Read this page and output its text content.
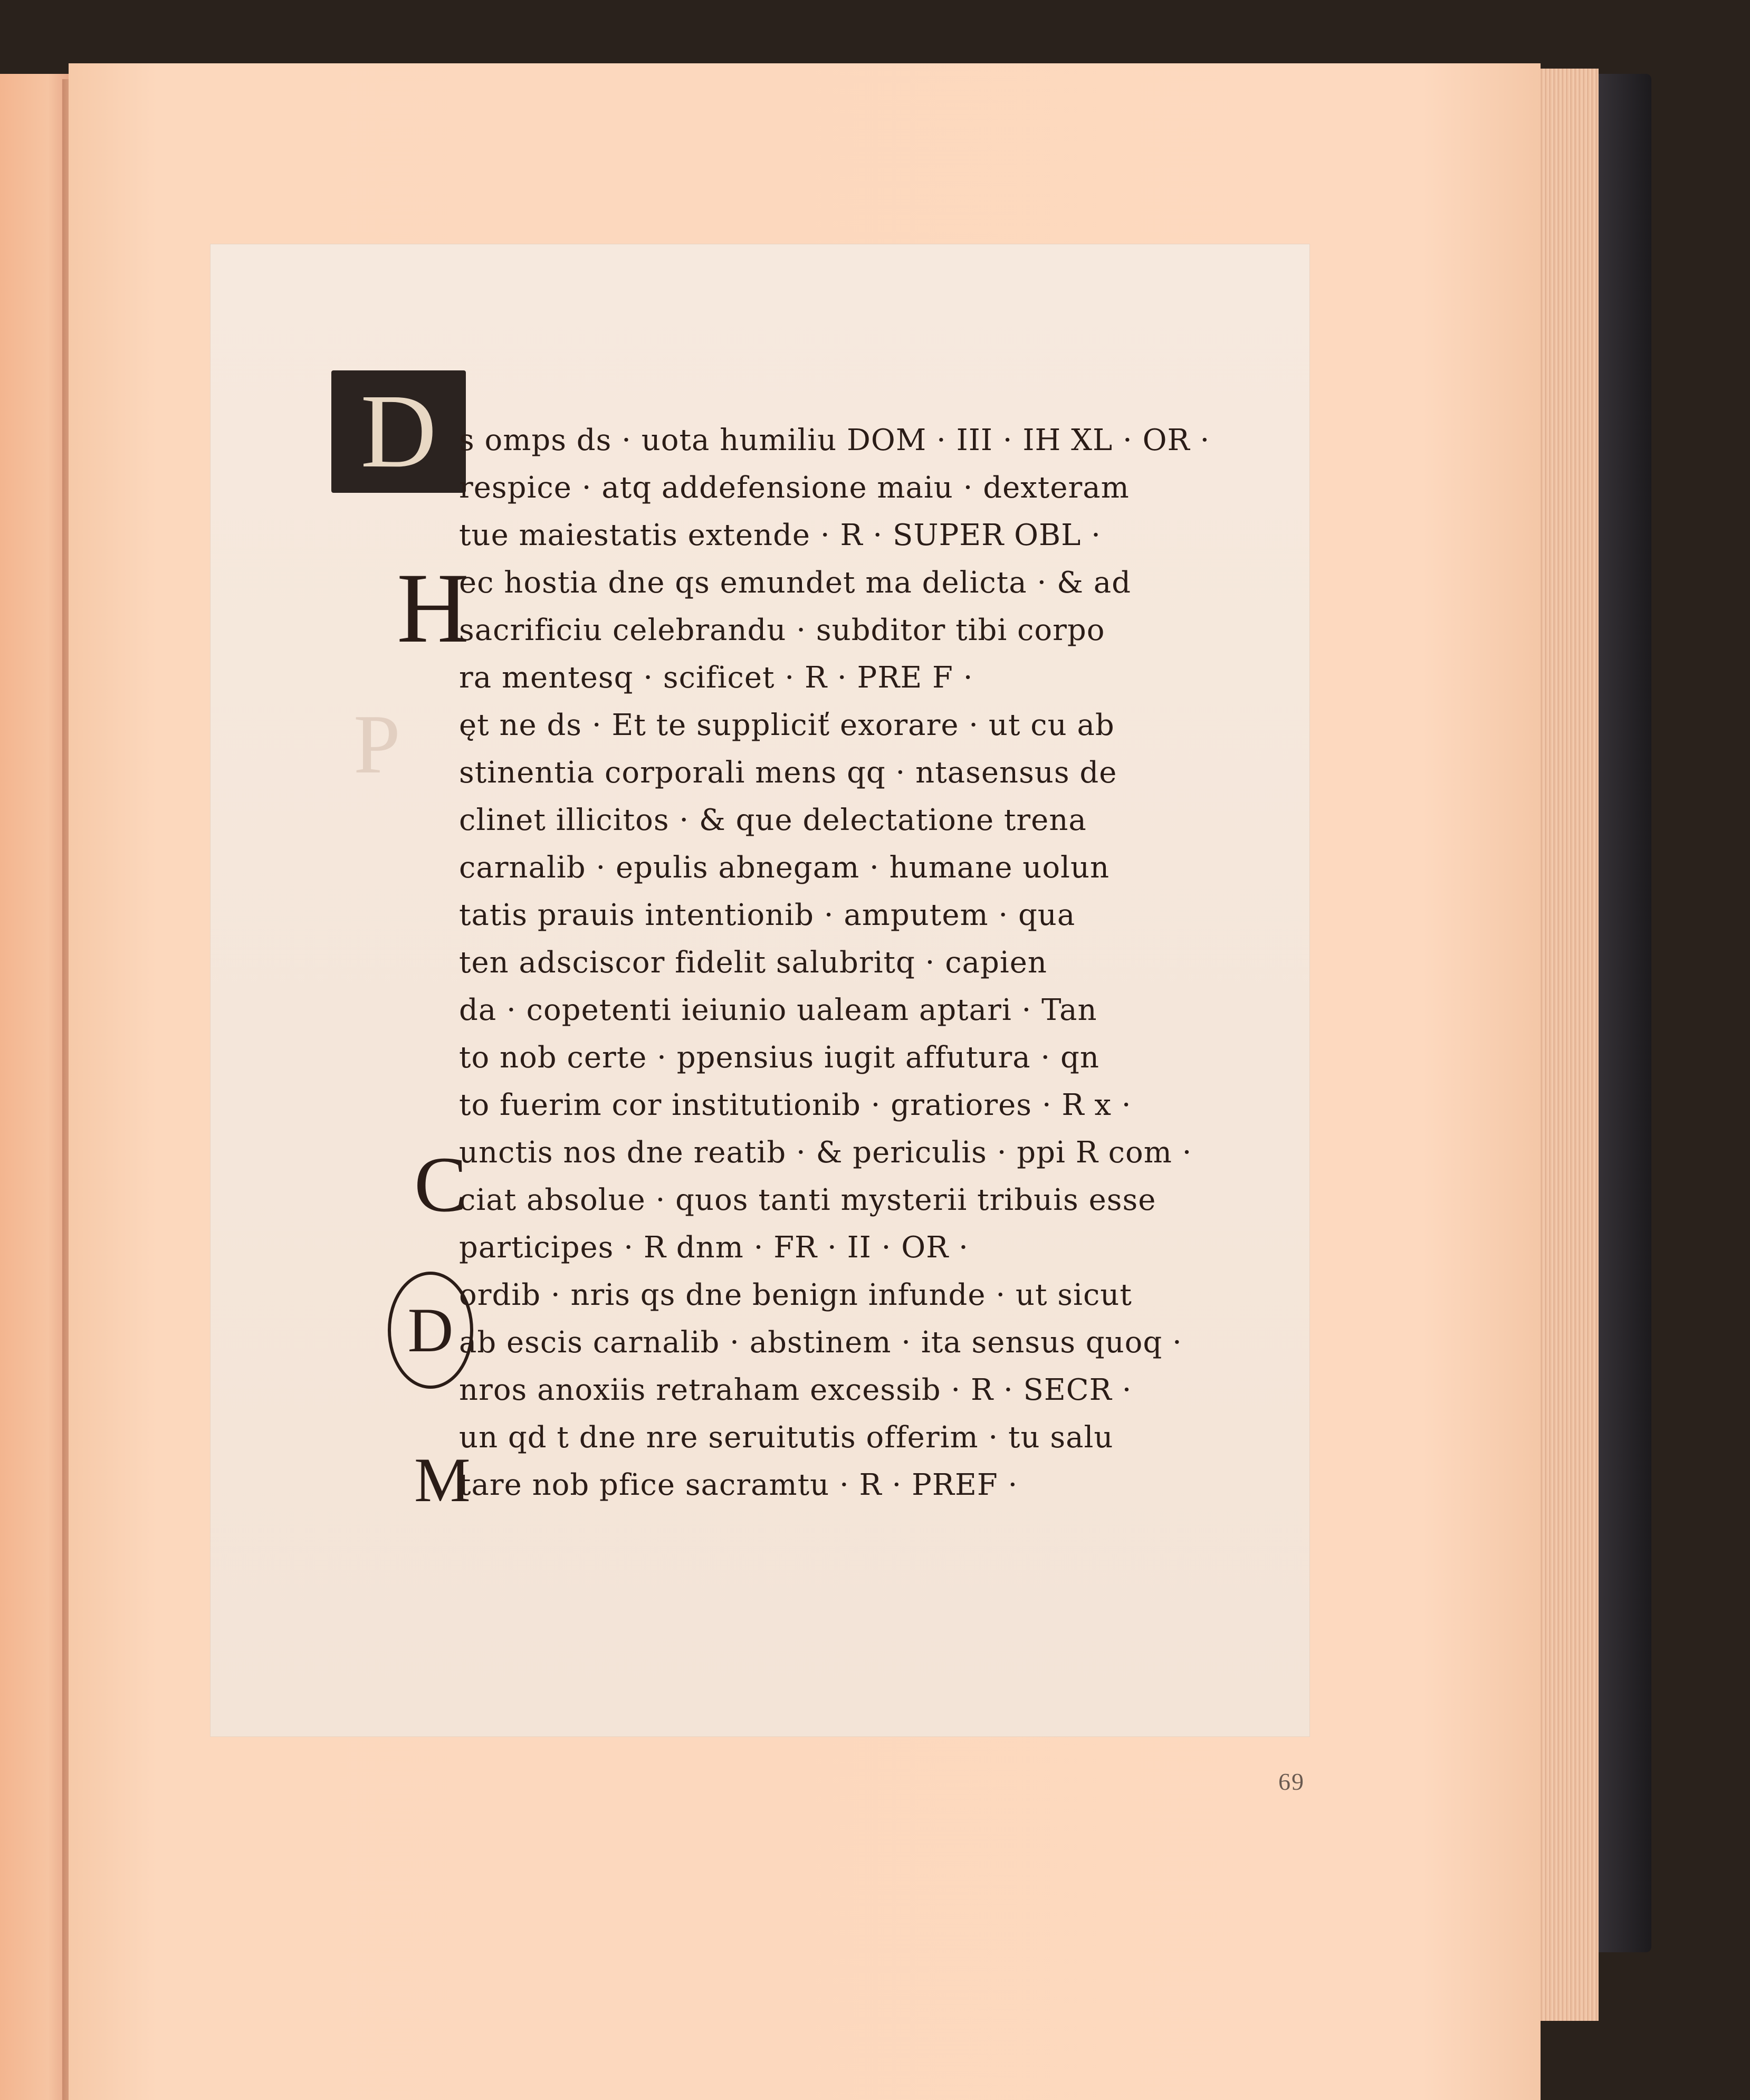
D
H
P
C
D
M
s omps ds · uota humiliu DOM · III · IH XL · OR ·
respice · atq addefensione maiu · dexteram
tue maiestatis extende · R · SUPER OBL ·
ec hostia dne qs emundet ma delicta · & ad
sacrificiu celebrandu · subditor tibi corpo
ra mentesq · scificet · R · PRE F ·
ęt ne ds · Et te suppliciť exorare · ut cu ab
stinentia corporali mens qq · ntasensus de
clinet illicitos · & que delectatione trena
carnalib · epulis abnegam · humane uolun
tatis prauis intentionib · amputem · qua
ten adsciscor fidelit salubritq · capien
da · copetenti ieiunio ualeam aptari · Tan
to nob certe · ppensius iugit affutura · qn
to fuerim cor institutionib · gratiores · R x ·
unctis nos dne reatib · & periculis · ppi R com ·
ciat absolue · quos tanti mysterii tribuis esse
participes · R dnm · FR · II · OR ·
ordib · nris qs dne benign infunde · ut sicut
ab escis carnalib · abstinem · ita sensus quoq ·
nros anoxiis retraham excessib · R · SECR ·
un qd t dne nre seruitutis offerim · tu salu
tare nob pfice sacramtu · R · PREF ·
69
